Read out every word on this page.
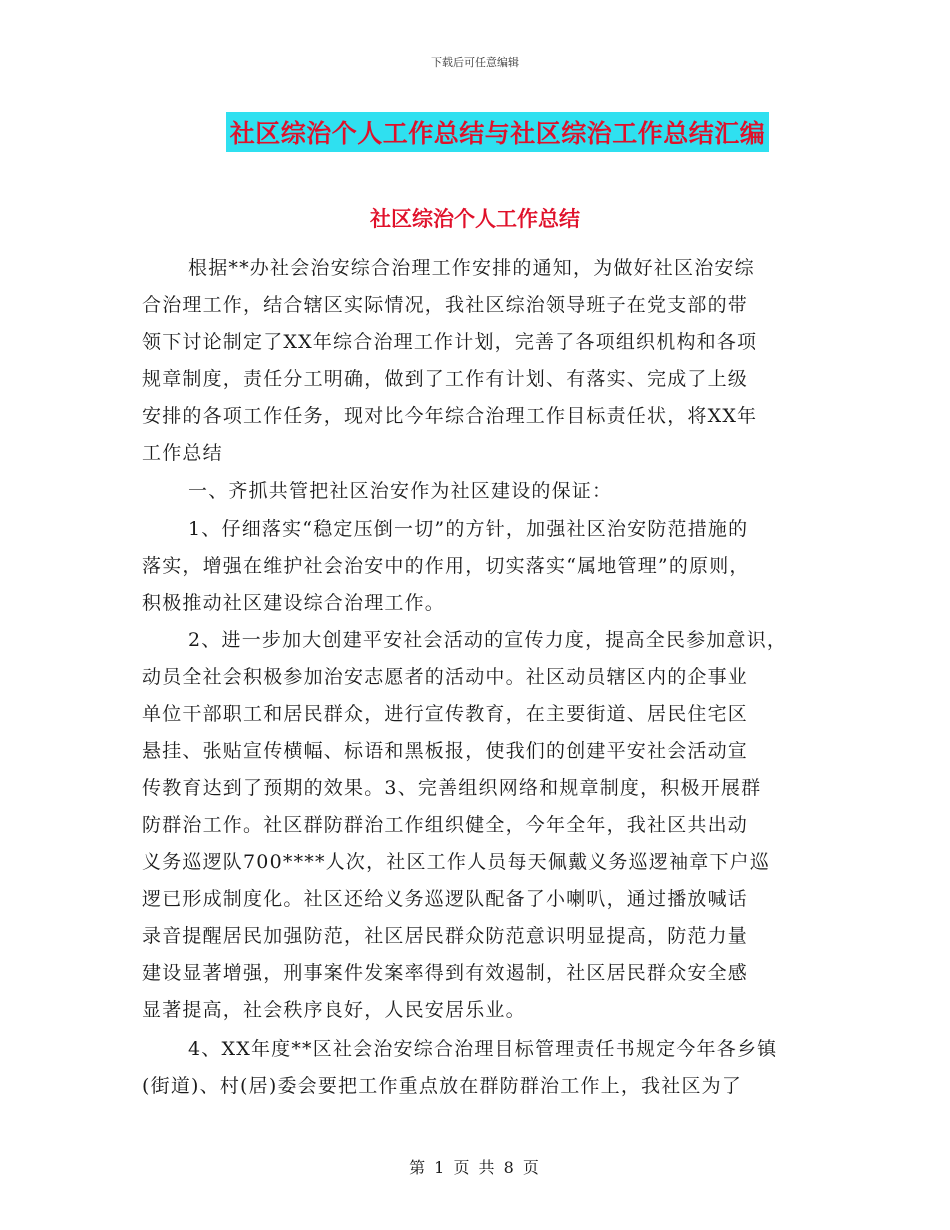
下载后可任意编辑
社区综治个人工作总结与社区综治工作总结汇编
社区综治个人工作总结
根据**办社会治安综合治理工作安排的通知，为做好社区治安综
合治理工作，结合辖区实际情况，我社区综治领导班子在党支部的带
领下讨论制定了XX年综合治理工作计划，完善了各项组织机构和各项
规章制度，责任分工明确，做到了工作有计划、有落实、完成了上级
安排的各项工作任务，现对比今年综合治理工作目标责任状，将XX年
工作总结
一、齐抓共管把社区治安作为社区建设的保证：
1、仔细落实“稳定压倒一切”的方针，加强社区治安防范措施的
落实，增强在维护社会治安中的作用，切实落实“属地管理”的原则，
积极推动社区建设综合治理工作。
2、进一步加大创建平安社会活动的宣传力度，提高全民参加意识，
动员全社会积极参加治安志愿者的活动中。社区动员辖区内的企事业
单位干部职工和居民群众，进行宣传教育，在主要街道、居民住宅区
悬挂、张贴宣传横幅、标语和黑板报，使我们的创建平安社会活动宣
传教育达到了预期的效果。3、完善组织网络和规章制度，积极开展群
防群治工作。社区群防群治工作组织健全，今年全年，我社区共出动
义务巡逻队700****人次，社区工作人员每天佩戴义务巡逻袖章下户巡
逻已形成制度化。社区还给义务巡逻队配备了小喇叭，通过播放喊话
录音提醒居民加强防范，社区居民群众防范意识明显提高，防范力量
建设显著增强，刑事案件发案率得到有效遏制，社区居民群众安全感
显著提高，社会秩序良好，人民安居乐业。
4、XX年度**区社会治安综合治理目标管理责任书规定今年各乡镇
(街道)、村(居)委会要把工作重点放在群防群治工作上，我社区为了
第 1 页 共 8 页
